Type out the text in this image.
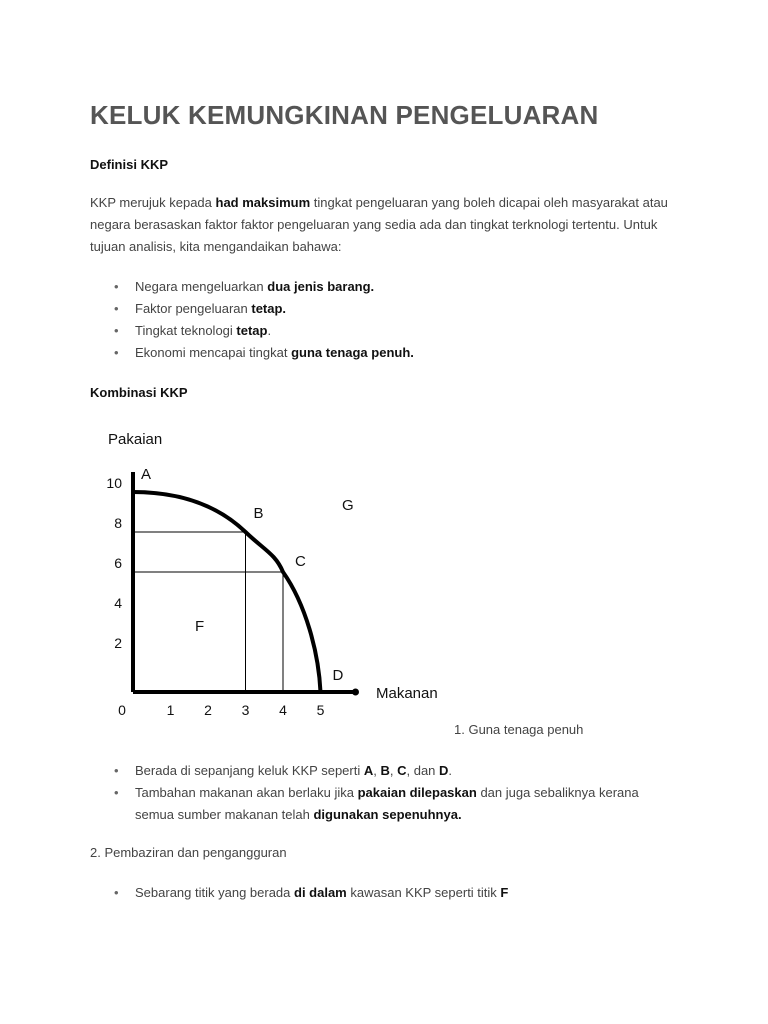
KELUK KEMUNGKINAN PENGELUARAN
Definisi KKP

KKP merujuk kepada had maksimum tingkat pengeluaran yang boleh dicapai oleh masyarakat atau negara berasaskan faktor faktor pengeluaran yang sedia ada dan tingkat terknologi tertentu. Untuk tujuan analisis, kita mengandaikan bahawa:

• Negara mengeluarkan dua jenis barang.
• Faktor pengeluaran tetap.
• Tingkat teknologi tetap.
• Ekonomi mencapai tingkat guna tenaga penuh.
Kombinasi KKP
A
B
C
D
F
G
2
4
6
8
10
0	1 2 3 4 5
Pakaian
Makanan
1. Guna tenaga penuh
• Berada di sepanjang keluk KKP seperti A, B, C, dan D.
• Tambahan makanan akan berlaku jika pakaian dilepaskan dan juga sebaliknya kerana semua sumber makanan telah digunakan sepenuhnya.
2. Pembaziran dan pengangguran
• Sebarang titik yang berada di dalam kawasan KKP seperti titik F
